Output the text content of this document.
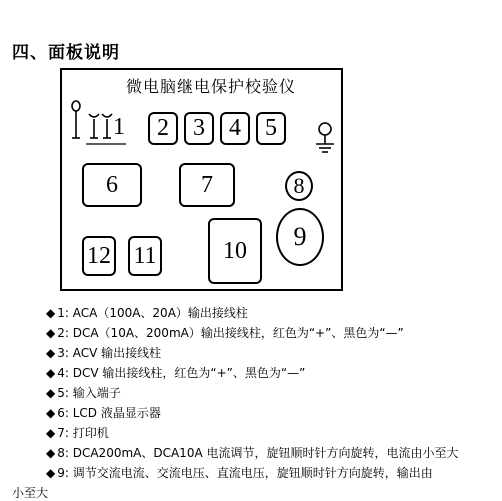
四、面板说明
微电脑继电保护校验仪
1 2 3 4 5
6	7	8
9
10
12 11
◆ 1: ACA（100A、20A）输出接线柱
◆ 2: DCA（10A、200mA）输出接线柱，红色为“+”、黑色为“—”
◆ 3: ACV 输出接线柱
◆ 4: DCV 输出接线柱，红色为“+”、黑色为“—”
◆ 5: 输入端子
◆ 6: LCD 液晶显示器
◆ 7: 打印机
◆ 8: DCA200mA、DCA10A 电流调节，旋钮顺时针方向旋转，电流由小至大
◆ 9: 调节交流电流、交流电压、直流电压，旋钮顺时针方向旋转，输出由
小至大
